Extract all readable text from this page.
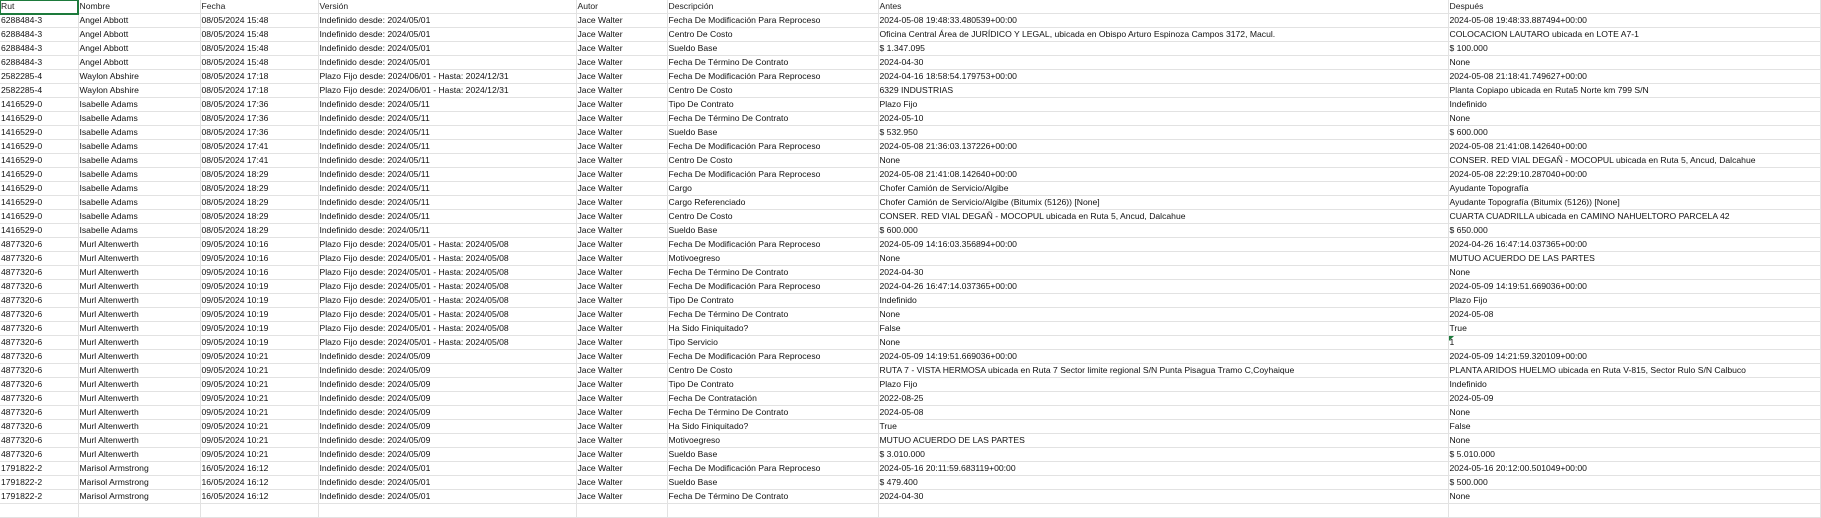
Rut	Nombre	Fecha	Versión	Autor	Descripción	Antes	Después
6288484-3	Angel Abbott	08/05/2024 15:48	Indefinido desde: 2024/05/01	Jace Walter	Fecha De Modificación Para Reproceso	2024-05-08 19:48:33.480539+00:00	2024-05-08 19:48:33.887494+00:00
6288484-3	Angel Abbott	08/05/2024 15:48	Indefinido desde: 2024/05/01	Jace Walter	Centro De Costo	Oficina Central Área de JURÍDICO Y LEGAL, ubicada en Obispo Arturo Espinoza Campos 3172, Macul.	COLOCACION LAUTARO ubicada en LOTE A7-1
6288484-3	Angel Abbott	08/05/2024 15:48	Indefinido desde: 2024/05/01	Jace Walter	Sueldo Base	$ 1.347.095	$ 100.000
6288484-3	Angel Abbott	08/05/2024 15:48	Indefinido desde: 2024/05/01	Jace Walter	Fecha De Término De Contrato	2024-04-30	None
2582285-4	Waylon Abshire	08/05/2024 17:18	Plazo Fijo desde: 2024/06/01 - Hasta: 2024/12/31	Jace Walter	Fecha De Modificación Para Reproceso	2024-04-16 18:58:54.179753+00:00	2024-05-08 21:18:41.749627+00:00
2582285-4	Waylon Abshire	08/05/2024 17:18	Plazo Fijo desde: 2024/06/01 - Hasta: 2024/12/31	Jace Walter	Centro De Costo	6329 INDUSTRIAS	Planta Copiapo ubicada en Ruta5 Norte km 799 S/N
1416529-0	Isabelle Adams	08/05/2024 17:36	Indefinido desde: 2024/05/11	Jace Walter	Tipo De Contrato	Plazo Fijo	Indefinido
1416529-0	Isabelle Adams	08/05/2024 17:36	Indefinido desde: 2024/05/11	Jace Walter	Fecha De Término De Contrato	2024-05-10	None
1416529-0	Isabelle Adams	08/05/2024 17:36	Indefinido desde: 2024/05/11	Jace Walter	Sueldo Base	$ 532.950	$ 600.000
1416529-0	Isabelle Adams	08/05/2024 17:41	Indefinido desde: 2024/05/11	Jace Walter	Fecha De Modificación Para Reproceso	2024-05-08 21:36:03.137226+00:00	2024-05-08 21:41:08.142640+00:00
1416529-0	Isabelle Adams	08/05/2024 17:41	Indefinido desde: 2024/05/11	Jace Walter	Centro De Costo	None	CONSER. RED VIAL DEGAÑ - MOCOPUL ubicada en Ruta 5, Ancud, Dalcahue
1416529-0	Isabelle Adams	08/05/2024 18:29	Indefinido desde: 2024/05/11	Jace Walter	Fecha De Modificación Para Reproceso	2024-05-08 21:41:08.142640+00:00	2024-05-08 22:29:10.287040+00:00
1416529-0	Isabelle Adams	08/05/2024 18:29	Indefinido desde: 2024/05/11	Jace Walter	Cargo	Chofer Camión de Servicio/Algibe	Ayudante Topografía
1416529-0	Isabelle Adams	08/05/2024 18:29	Indefinido desde: 2024/05/11	Jace Walter	Cargo Referenciado	Chofer Camión de Servicio/Algibe (Bitumix (5126)) [None]	Ayudante Topografía (Bitumix (5126)) [None]
1416529-0	Isabelle Adams	08/05/2024 18:29	Indefinido desde: 2024/05/11	Jace Walter	Centro De Costo	CONSER. RED VIAL DEGAÑ - MOCOPUL ubicada en Ruta 5, Ancud, Dalcahue	CUARTA CUADRILLA ubicada en CAMINO NAHUELTORO PARCELA 42
1416529-0	Isabelle Adams	08/05/2024 18:29	Indefinido desde: 2024/05/11	Jace Walter	Sueldo Base	$ 600.000	$ 650.000
4877320-6	Murl Altenwerth	09/05/2024 10:16	Plazo Fijo desde: 2024/05/01 - Hasta: 2024/05/08	Jace Walter	Fecha De Modificación Para Reproceso	2024-05-09 14:16:03.356894+00:00	2024-04-26 16:47:14.037365+00:00
4877320-6	Murl Altenwerth	09/05/2024 10:16	Plazo Fijo desde: 2024/05/01 - Hasta: 2024/05/08	Jace Walter	Motivoegreso	None	MUTUO ACUERDO DE LAS PARTES
4877320-6	Murl Altenwerth	09/05/2024 10:16	Plazo Fijo desde: 2024/05/01 - Hasta: 2024/05/08	Jace Walter	Fecha De Término De Contrato	2024-04-30	None
4877320-6	Murl Altenwerth	09/05/2024 10:19	Plazo Fijo desde: 2024/05/01 - Hasta: 2024/05/08	Jace Walter	Fecha De Modificación Para Reproceso	2024-04-26 16:47:14.037365+00:00	2024-05-09 14:19:51.669036+00:00
4877320-6	Murl Altenwerth	09/05/2024 10:19	Plazo Fijo desde: 2024/05/01 - Hasta: 2024/05/08	Jace Walter	Tipo De Contrato	Indefinido	Plazo Fijo
4877320-6	Murl Altenwerth	09/05/2024 10:19	Plazo Fijo desde: 2024/05/01 - Hasta: 2024/05/08	Jace Walter	Fecha De Término De Contrato	None	2024-05-08
4877320-6	Murl Altenwerth	09/05/2024 10:19	Plazo Fijo desde: 2024/05/01 - Hasta: 2024/05/08	Jace Walter	Ha Sido Finiquitado?	False	True
4877320-6	Murl Altenwerth	09/05/2024 10:19	Plazo Fijo desde: 2024/05/01 - Hasta: 2024/05/08	Jace Walter	Tipo Servicio	None	1
4877320-6	Murl Altenwerth	09/05/2024 10:21	Indefinido desde: 2024/05/09	Jace Walter	Fecha De Modificación Para Reproceso	2024-05-09 14:19:51.669036+00:00	2024-05-09 14:21:59.320109+00:00
4877320-6	Murl Altenwerth	09/05/2024 10:21	Indefinido desde: 2024/05/09	Jace Walter	Centro De Costo	RUTA 7 - VISTA HERMOSA ubicada en Ruta 7 Sector limite regional S/N Punta Pisagua Tramo C,Coyhaique	PLANTA ARIDOS HUELMO ubicada en Ruta V-815, Sector Rulo S/N Calbuco
4877320-6	Murl Altenwerth	09/05/2024 10:21	Indefinido desde: 2024/05/09	Jace Walter	Tipo De Contrato	Plazo Fijo	Indefinido
4877320-6	Murl Altenwerth	09/05/2024 10:21	Indefinido desde: 2024/05/09	Jace Walter	Fecha De Contratación	2022-08-25	2024-05-09
4877320-6	Murl Altenwerth	09/05/2024 10:21	Indefinido desde: 2024/05/09	Jace Walter	Fecha De Término De Contrato	2024-05-08	None
4877320-6	Murl Altenwerth	09/05/2024 10:21	Indefinido desde: 2024/05/09	Jace Walter	Ha Sido Finiquitado?	True	False
4877320-6	Murl Altenwerth	09/05/2024 10:21	Indefinido desde: 2024/05/09	Jace Walter	Motivoegreso	MUTUO ACUERDO DE LAS PARTES	None
4877320-6	Murl Altenwerth	09/05/2024 10:21	Indefinido desde: 2024/05/09	Jace Walter	Sueldo Base	$ 3.010.000	$ 5.010.000
1791822-2	Marisol Armstrong	16/05/2024 16:12	Indefinido desde: 2024/05/01	Jace Walter	Fecha De Modificación Para Reproceso	2024-05-16 20:11:59.683119+00:00	2024-05-16 20:12:00.501049+00:00
1791822-2	Marisol Armstrong	16/05/2024 16:12	Indefinido desde: 2024/05/01	Jace Walter	Sueldo Base	$ 479.400	$ 500.000
1791822-2	Marisol Armstrong	16/05/2024 16:12	Indefinido desde: 2024/05/01	Jace Walter	Fecha De Término De Contrato	2024-04-30	None
